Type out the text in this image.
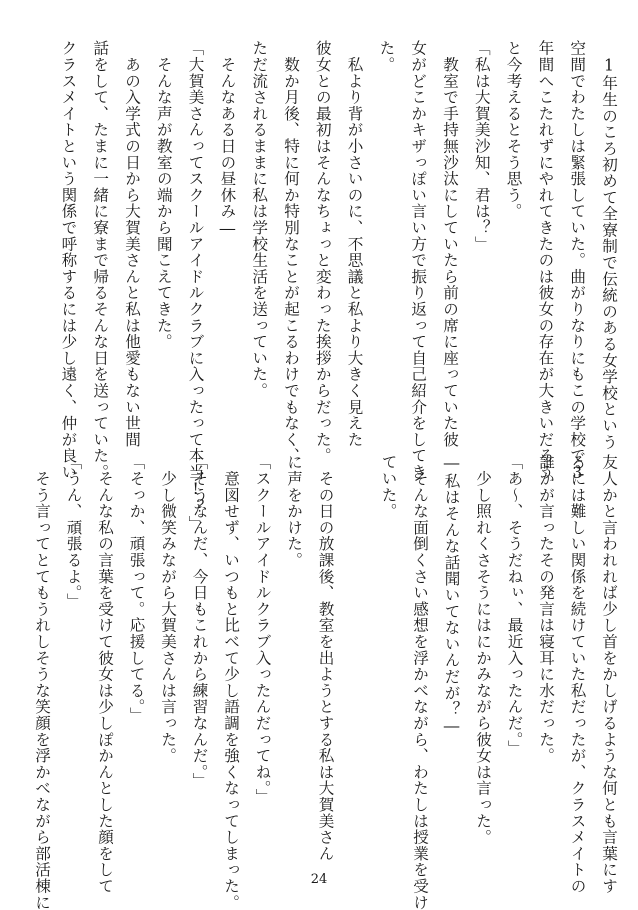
　1年生のころ初めて全寮制で伝統のある女学校という
空間でわたしは緊張していた。曲がりなりにもこの学校で3
年間へこたれずにやれてきたのは彼女の存在が大きいだろう
と今考えるとそう思う。
「私は大賀美沙知、君は？」
　教室で手持無沙汰にしていたら前の席に座っていた彼
女がどこかキザっぽい言い方で振り返って自己紹介をしてき
た。
　私より背が小さいのに、不思議と私より大きく見えた
彼女との最初はそんなちょっと変わった挨拶からだった。
　数か月後、特に何か特別なことが起こるわけでもなく、
ただ流されるままに私は学校生活を送っていた。
　そんなある日の昼休み―
「大賀美さんってスクールアイドルクラブに入ったって本当!？」
　そんな声が教室の端から聞こえてきた。
　あの入学式の日から大賀美さんと私は他愛もない世間
話をして、たまに一緒に寮まで帰るそんな日を送っていた。
クラスメイトという関係で呼称するには少し遠く、仲が良い
友人かと言われれば少し首をかしげるような何とも言葉にす
るには難しい関係を続けていた私だったが、クラスメイトの
誰かが言ったその発言は寝耳に水だった。
「あ～、そうだねぃ、最近入ったんだ。」
　少し照れくさそうにはにかみながら彼女は言った。
―私はそんな話聞いてないんだが？―
　そんな面倒くさい感想を浮かべながら、わたしは授業を受け
ていた。
　その日の放課後、教室を出ようとする私は大賀美さん
に声をかけた。
「スクールアイドルクラブ入ったんだってね。」
　意図せず、いつもと比べて少し語調を強くなってしまった。
「そうなんだ、今日もこれから練習なんだ。」
　少し微笑みながら大賀美さんは言った。
「そっか、頑張って。応援してる。」
　そんな私の言葉を受けて彼女は少しぽかんとした顔をして
「うん、頑張るよ。」
　そう言ってとてもうれしそうな笑顔を浮かべながら部活棟に	24
